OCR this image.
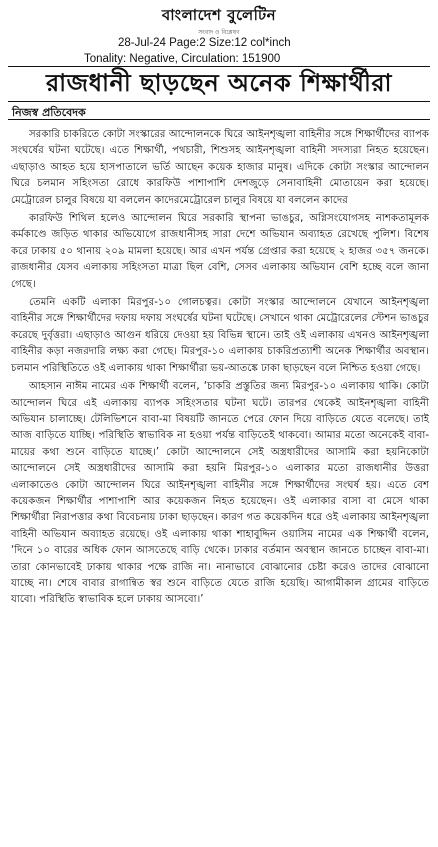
বাংলাদেশ বুলেটিন
সংবাদ ও বিশ্লেষণ
28-Jul-24 Page:2 Size:12 col*inch
Tonality: Negative, Circulation: 151900
রাজধানী ছাড়ছেন অনেক শিক্ষার্থীরা
নিজস্ব প্রতিবেদক

সরকারি চাকরিতে কোটা সংস্কারের আন্দোলনকে ঘিরে আইনশৃঙ্খলা বাহিনীর সঙ্গে শিক্ষার্থীদের ব্যাপক সংঘর্ষের ঘটনা ঘটেছে। এতে শিক্ষার্থী, পথচারী, শিশুসহ আইনশৃঙ্খলা বাহিনী সদস্যরা নিহত হয়েছেন। এছাড়াও আহত হয়ে হাসপাতালে ভর্তি আছেন কয়েক হাজার মানুষ। এদিকে কোটা সংস্কার আন্দোলন ঘিরে চলমান সহিংসতা রোধে কারফিউ পাশাপাশি দেশজুড়ে সেনাবাহিনী মোতায়েন করা হয়েছে। মেট্রোরেল চালুর বিষয়ে যা বললেন কাদেরমেট্রোরেল চালুর বিষয়ে যা বললেন কাদের

কারফিউ শিথিল হলেও আন্দোলন ঘিরে সরকারি স্থাপনা ভাঙচুর, অগ্নিসংযোগসহ নাশকতামূলক কর্মকাণ্ডে জড়িত থাকার অভিযোগে রাজধানীসহ সারা দেশে অভিযান অব্যাহত রেখেছে পুলিশ। বিশেষ করে ঢাকায় ৫০ থানায় ২০৯ মামলা হয়েছে। আর এখন পর্যন্ত গ্রেপ্তার করা হয়েছে ২ হাজর ৩৫৭ জনকে। রাজধানীর যেসব এলাকায় সহিংসতা মাত্রা ছিল বেশি, সেসব এলাকায় অভিযান বেশি হচ্ছে বলে জানা গেছে।

তেমনি একটি এলাকা মিরপুর-১০ গোলচত্বর। কোটা সংস্কার আন্দোলনে যেখানে আইনশৃঙ্খলা বাহিনীর সঙ্গে শিক্ষার্থীদের দফায় দফায় সংঘর্ষের ঘটনা ঘটেছে। সেখানে থাকা মেট্রোরেলের স্টেশন ভাঙচুর করেছে দুর্বৃত্তরা। এছাড়াও আগুন ধরিয়ে দেওয়া হয় বিভিন্ন স্থানে। তাই ওই এলাকায় এখনও আইনশৃঙ্খলা বাহিনীর কড়া নজরদারি লক্ষ্য করা গেছে। মিরপুর-১০ এলাকায় চাকরিপ্রত্যাশী অনেক শিক্ষার্থীর অবস্থান। চলমান পরিস্থিতিতে ওই এলাকায় থাকা শিক্ষার্থীরা ভয়-আতঙ্কে ঢাকা ছাড়ছেন বলে নিশ্চিত হওয়া গেছে।

আহসান নাঈম নামের এক শিক্ষার্থী বলেন, ‘চাকরি প্রস্তুতির জন্য মিরপুর-১০ এলাকায় থাকি। কোটা আন্দোলন ঘিরে এই এলাকায় ব্যাপক সহিংসতার ঘটনা ঘটে। তারপর থেকেই আইনশৃঙ্খলা বাহিনী অভিযান চালাচ্ছে। টেলিভিশনে বাবা-মা বিষয়টি জানতে পেরে ফোন দিয়ে বাড়িতে যেতে বলেছে। তাই আজ বাড়িতে যাচ্ছি। পরিস্থিতি স্বাভাবিক না হওয়া পর্যন্ত বাড়িতেই থাকবো। আমার মতো অনেকেই বাবা-মায়ের কথা শুনে বাড়িতে যাচ্ছে।’ কোটা আন্দোলনে সেই অস্ত্রধারীদের আসামি করা হয়নিকোটা আন্দোলনে সেই অস্ত্রধারীদের আসামি করা হয়নি মিরপুর-১০ এলাকার মতো রাজধানীর উত্তরা এলাকাতেও কোটা আন্দোলন ঘিরে আইনশৃঙ্খলা বাহিনীর সঙ্গে শিক্ষার্থীদের সংঘর্ষ হয়। এতে বেশ কয়েকজন শিক্ষার্থীর পাশাপাশি আর কয়েকজন নিহত হয়েছেন। ওই এলাকার বাসা বা মেসে থাকা শিক্ষার্থীরা নিরাপত্তার কথা বিবেচনায় ঢাকা ছাড়ছেন। কারণ গত কয়েকদিন ধরে ওই এলাকায় আইনশৃঙ্খলা বাহিনী অভিযান অব্যাহত রয়েছে। ওই এলাকায় থাকা শাহাবুদ্দিন ওয়াসিম নামের এক শিক্ষার্থী বলেন, ‘দিনে ১০ বারের অধিক ফোন আসতেছে বাড়ি থেকে। ঢাকার বর্তমান অবস্থান জানতে চাচ্ছেন বাবা-মা। তারা কোনভাবেই ঢাকায় থাকার পক্ষে রাজি না। নানাভাবে বোঝানোর চেষ্টা করেও তাদের বোঝানো যাচ্ছে না। শেষে বাবার রাগান্বিত স্বর শুনে বাড়িতে যেতে রাজি হয়েছি। আগামীকাল গ্রামের বাড়িতে যাবো। পরিস্থিতি স্বাভাবিক হলে ঢাকায় আসবো।’
